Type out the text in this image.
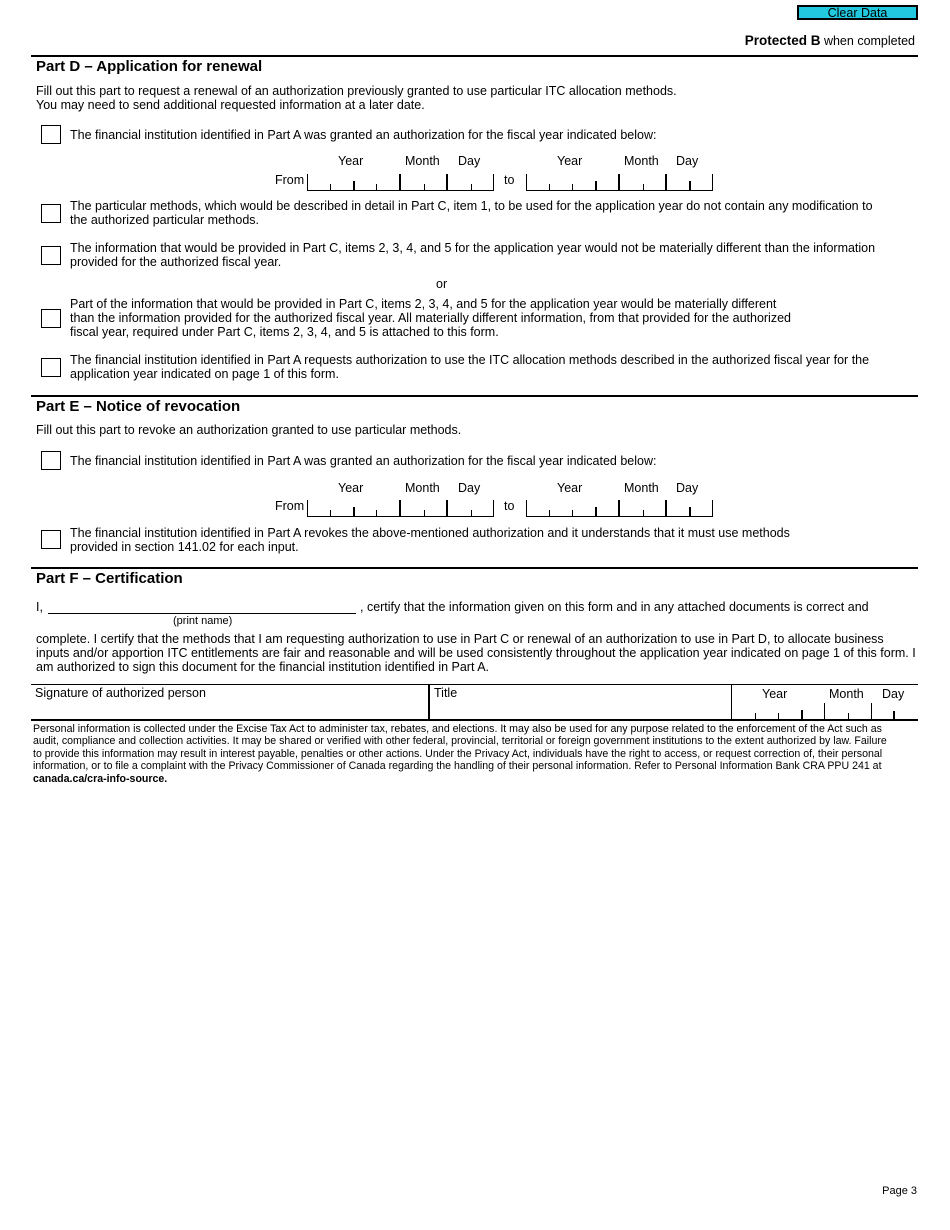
Clear Data
Protected B when completed
Part D – Application for renewal
Fill out this part to request a renewal of an authorization previously granted to use particular ITC allocation methods.
You may need to send additional requested information at a later date.
The financial institution identified in Part A was granted an authorization for the fiscal year indicated below:
Year	Month Day	Year	Month Day
From	to
The particular methods, which would be described in detail in Part C, item 1, to be used for the application year do not contain any modification to the authorized particular methods.
The information that would be provided in Part C, items 2, 3, 4, and 5 for the application year would not be materially different than the information provided for the authorized fiscal year.
or
Part of the information that would be provided in Part C, items 2, 3, 4, and 5 for the application year would be materially different than the information provided for the authorized fiscal year. All materially different information, from that provided for the authorized fiscal year, required under Part C, items 2, 3, 4, and 5 is attached to this form.
The financial institution identified in Part A requests authorization to use the ITC allocation methods described in the authorized fiscal year for the application year indicated on page 1 of this form.
Part E – Notice of revocation
Fill out this part to revoke an authorization granted to use particular methods.
The financial institution identified in Part A was granted an authorization for the fiscal year indicated below:
Year	Month Day	Year	Month Day
From	to
The financial institution identified in Part A revokes the above-mentioned authorization and it understands that it must use methods provided in section 141.02 for each input.
Part F – Certification
I,	, certify that the information given on this form and in any attached documents is correct and
(print name)
complete. I certify that the methods that I am requesting authorization to use in Part C or renewal of an authorization to use in Part D, to allocate business inputs and/or apportion ITC entitlements are fair and reasonable and will be used consistently throughout the application year indicated on page 1 of this form. I am authorized to sign this document for the financial institution identified in Part A.
Signature of authorized person	Title	Year	Month Day
Personal information is collected under the Excise Tax Act to administer tax, rebates, and elections. It may also be used for any purpose related to the enforcement of the Act such as audit, compliance and collection activities. It may be shared or verified with other federal, provincial, territorial or foreign government institutions to the extent authorized by law. Failure to provide this information may result in interest payable, penalties or other actions. Under the Privacy Act, individuals have the right to access, or request correction of, their personal information, or to file a complaint with the Privacy Commissioner of Canada regarding the handling of their personal information. Refer to Personal Information Bank CRA PPU 241 at canada.ca/cra-info-source.
Page 3
